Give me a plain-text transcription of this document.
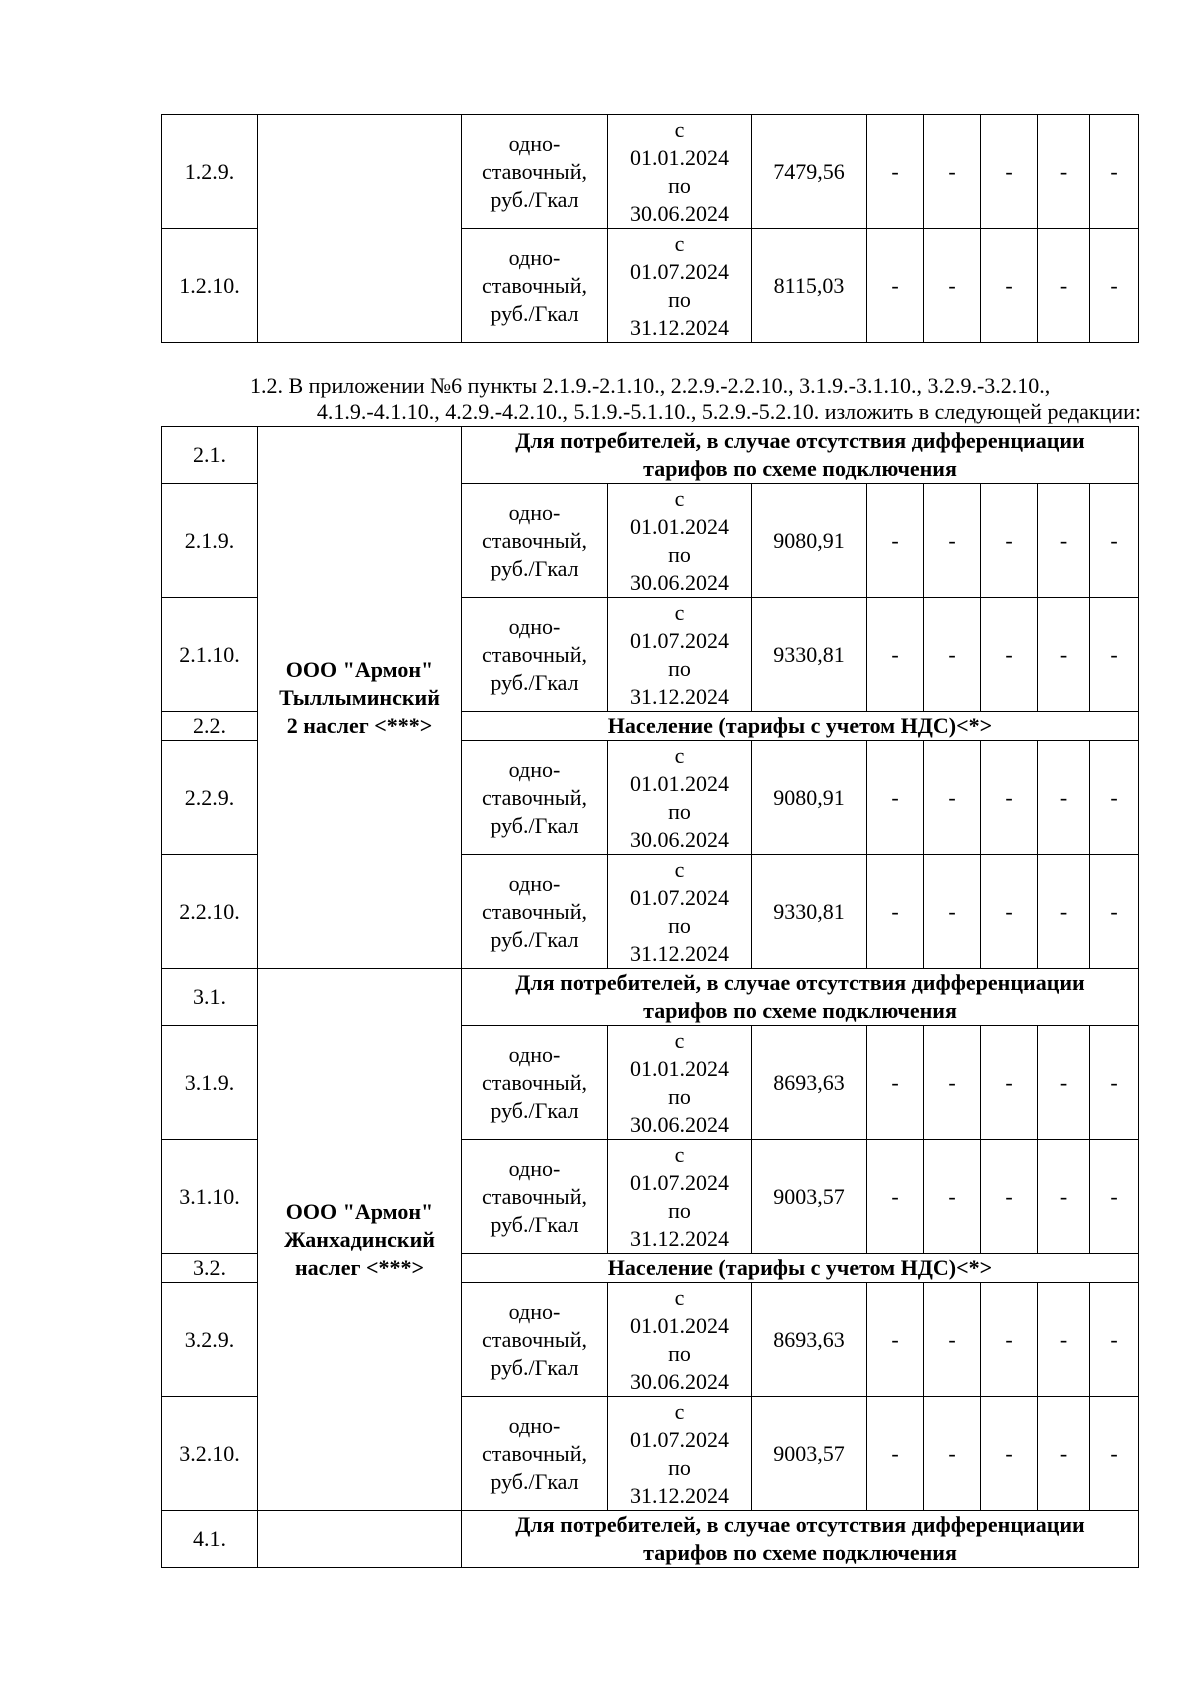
1.2.9.		одно-
ставочный,
руб./Гкал	с
01.01.2024
по
30.06.2024	7479,56	-	-	-	-	-
1.2.10.		одно-
ставочный,
руб./Гкал	с
01.07.2024
по
31.12.2024	8115,03	-	-	-	-	-
1.2. В приложении №6 пункты 2.1.9.-2.1.10., 2.2.9.-2.2.10., 3.1.9.-3.1.10., 3.2.9.-3.2.10.,
4.1.9.-4.1.10., 4.2.9.-4.2.10., 5.1.9.-5.1.10., 5.2.9.-5.2.10. изложить в следующей редакции:
2.1.	ООО "Армон"
Тыллыминский
2 наслег <***>	Для потребителей, в случае отсутствия дифференциации
тарифов по схеме подключения							

2.1.9.		одно-
ставочный,
руб./Гкал	с
01.01.2024
по
30.06.2024	9080,91	-	-	-	-	-
2.1.10.		одно-
ставочный,
руб./Гкал	с
01.07.2024
по
31.12.2024	9330,81	-	-	-	-	-
2.2.		Население (тарифы с учетом НДС)<*>							
2.2.9.		одно-
ставочный,
руб./Гкал	с
01.01.2024
по
30.06.2024	9080,91	-	-	-	-	-
2.2.10.		одно-
ставочный,
руб./Гкал	с
01.07.2024
по
31.12.2024	9330,81	-	-	-	-	-
3.1.	ООО "Армон"
Жанхадинский
наслег <***>	Для потребителей, в случае отсутствия дифференциации
тарифов по схеме подключения							

3.1.9.		одно-
ставочный,
руб./Гкал	с
01.01.2024
по
30.06.2024	8693,63	-	-	-	-	-
3.1.10.		одно-
ставочный,
руб./Гкал	с
01.07.2024
по
31.12.2024	9003,57	-	-	-	-	-
3.2.		Население (тарифы с учетом НДС)<*>							
3.2.9.		одно-
ставочный,
руб./Гкал	с
01.01.2024
по
30.06.2024	8693,63	-	-	-	-	-
3.2.10.		одно-
ставочный,
руб./Гкал	с
01.07.2024
по
31.12.2024	9003,57	-	-	-	-	-
4.1.		Для потребителей, в случае отсутствия дифференциации
тарифов по схеме подключения							
